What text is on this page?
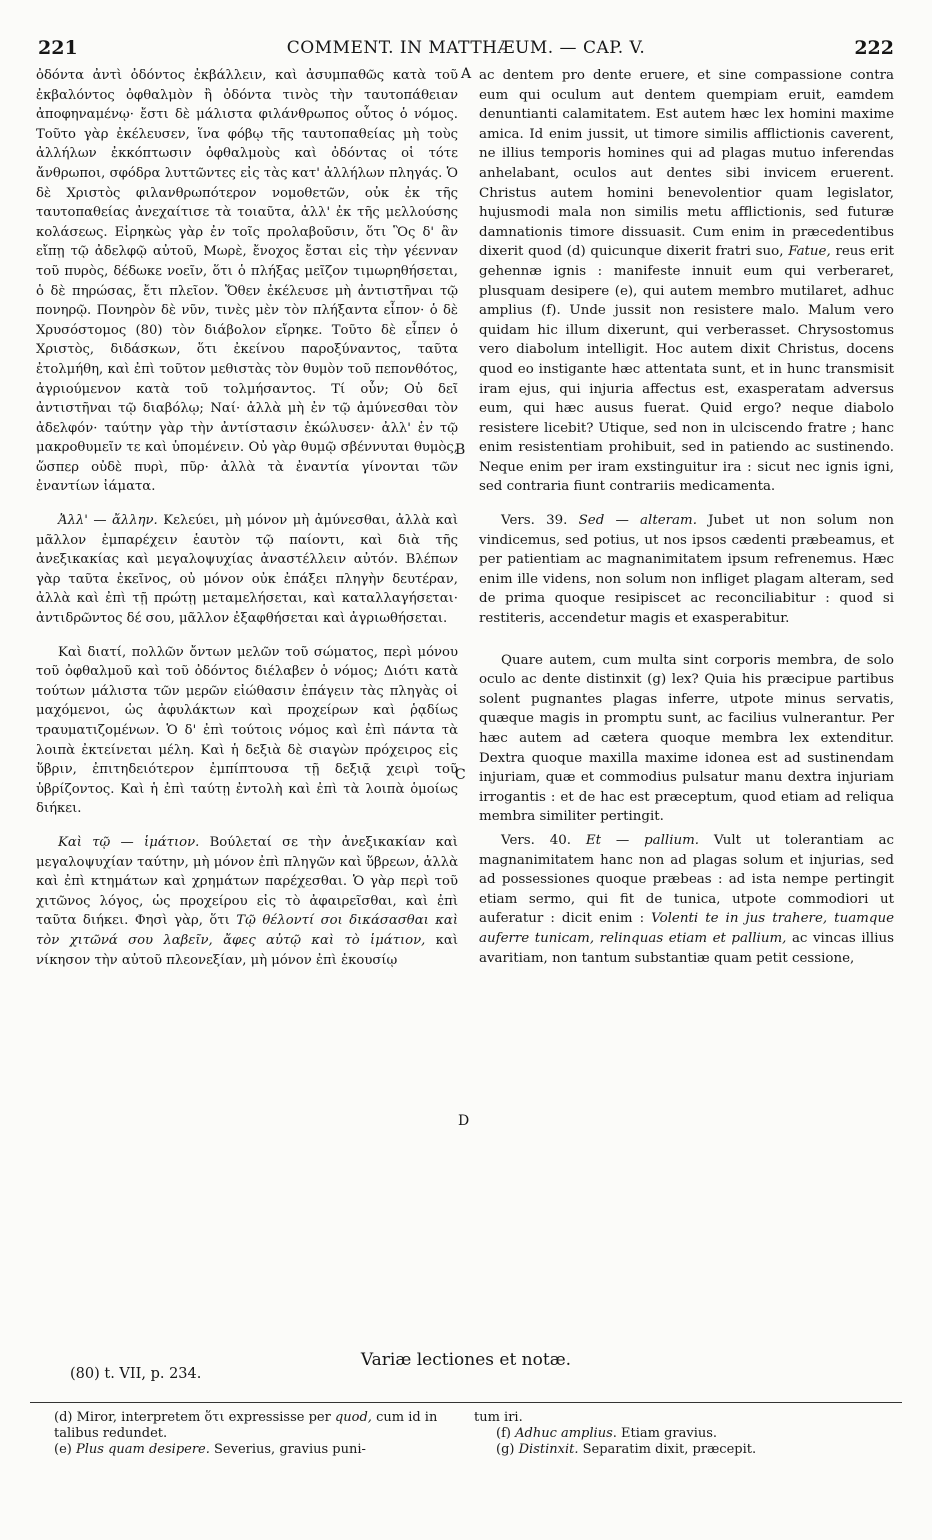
221	COMMENT. IN MATTHÆUM. — CAP. V.	222

ὀδόντα ἀντὶ ὀδόντος ἐκβάλλειν, καὶ ἀσυμπαθῶς κατὰ τοῦ ἐκβαλόντος ὀφθαλμὸν ἢ ὀδόντα τινὸς τὴν ταυτοπάθειαν ἀποφηναμένῳ· ἔστι δὲ μάλιστα φιλάνθρωπος οὗτος ὁ νόμος. Τοῦτο γὰρ ἐκέλευσεν, ἵνα φόβῳ τῆς ταυτοπαθείας μὴ τοὺς ἀλλήλων ἐκκόπτωσιν ὀφθαλμοὺς καὶ ὀδόντας οἱ τότε ἄνθρωποι, σφόδρα λυττῶντες εἰς τὰς κατ' ἀλλήλων πληγάς. Ὁ δὲ Χριστὸς φιλανθρωπότερον νομοθετῶν, οὐκ ἐκ τῆς ταυτοπαθείας ἀνεχαίτισε τὰ τοιαῦτα, ἀλλ' ἐκ τῆς μελλούσης κολάσεως. Εἰρηκὼς γὰρ ἐν τοῖς προλαβοῦσιν, ὅτι Ὃς δ' ἂν εἴπῃ τῷ ἀδελφῷ αὐτοῦ, Μωρὲ, ἔνοχος ἔσται εἰς τὴν γέενναν τοῦ πυρὸς, δέδωκε νοεῖν, ὅτι ὁ πλήξας μεῖζον τιμωρηθήσεται, ὁ δὲ πηρώσας, ἔτι πλεῖον. Ὅθεν ἐκέλευσε μὴ ἀντιστῆναι τῷ πονηρῷ. Πονηρὸν δὲ νῦν, τινὲς μὲν τὸν πλήξαντα εἶπον· ὁ δὲ Χρυσόστομος (80) τὸν διάβολον εἴρηκε. Τοῦτο δὲ εἶπεν ὁ Χριστὸς, διδάσκων, ὅτι ἐκείνου παροξύναντος, ταῦτα ἐτολμήθη, καὶ ἐπὶ τοῦτον μεθιστὰς τὸν θυμὸν τοῦ πεπονθότος, ἀγριούμενον κατὰ τοῦ τολμήσαντος. Τί οὖν; Οὐ δεῖ ἀντιστῆναι τῷ διαβόλῳ; Ναί· ἀλλὰ μὴ ἐν τῷ ἀμύνεσθαι τὸν ἀδελφόν· ταύτην γὰρ τὴν ἀντίστασιν ἐκώλυσεν· ἀλλ' ἐν τῷ μακροθυμεῖν τε καὶ ὑπομένειν. Οὐ γὰρ θυμῷ σβέννυται θυμὸς, ὥσπερ οὐδὲ πυρὶ, πῦρ· ἀλλὰ τὰ ἐναντία γίνονται τῶν ἐναντίων ἰάματα.

Ἀλλ' — ἄλλην. Κελεύει, μὴ μόνον μὴ ἀμύνεσθαι, ἀλλὰ καὶ μᾶλλον ἐμπαρέχειν ἑαυτὸν τῷ παίοντι, καὶ διὰ τῆς ἀνεξικακίας καὶ μεγαλοψυχίας ἀναστέλλειν αὐτόν. Βλέπων γὰρ ταῦτα ἐκεῖνος, οὐ μόνον οὐκ ἐπάξει πληγὴν δευτέραν, ἀλλὰ καὶ ἐπὶ τῇ πρώτῃ μεταμελήσεται, καὶ καταλλαγήσεται· ἀντιδρῶντος δέ σου, μᾶλλον ἐξαφθήσεται καὶ ἀγριωθήσεται.

Καὶ διατί, πολλῶν ὄντων μελῶν τοῦ σώματος, περὶ μόνου τοῦ ὀφθαλμοῦ καὶ τοῦ ὀδόντος διέλαβεν ὁ νόμος; Διότι κατὰ τούτων μάλιστα τῶν μερῶν εἰώθασιν ἐπάγειν τὰς πληγὰς οἱ μαχόμενοι, ὡς ἀφυλάκτων καὶ προχείρων καὶ ῥᾳδίως τραυματιζομένων. Ὁ δ' ἐπὶ τούτοις νόμος καὶ ἐπὶ πάντα τὰ λοιπὰ ἐκτείνεται μέλη. Καὶ ἡ δεξιὰ δὲ σιαγὼν πρόχειρος εἰς ὕβριν, ἐπιτηδειότερον ἐμπίπτουσα τῇ δεξιᾷ χειρὶ τοῦ ὑβρίζοντος. Καὶ ἡ ἐπὶ ταύτῃ ἐντολὴ καὶ ἐπὶ τὰ λοιπὰ ὁμοίως διήκει.

Καὶ τῷ — ἱμάτιον. Βούλεταί σε τὴν ἀνεξικακίαν καὶ μεγαλοψυχίαν ταύτην, μὴ μόνον ἐπὶ πληγῶν καὶ ὕβρεων, ἀλλὰ καὶ ἐπὶ κτημάτων καὶ χρημάτων παρέχεσθαι. Ὁ γὰρ περὶ τοῦ χιτῶνος λόγος, ὡς προχείρου εἰς τὸ ἀφαιρεῖσθαι, καὶ ἐπὶ ταῦτα διήκει. Φησὶ γὰρ, ὅτι Τῷ θέλοντί σοι δικάσασθαι καὶ τὸν χιτῶνά σου λαβεῖν, ἄφες αὐτῷ καὶ τὸ ἱμάτιον, καὶ νίκησον τὴν αὐτοῦ πλεονεξίαν, μὴ μόνον ἐπὶ ἑκουσίῳ

A
B
C
D

ac dentem pro dente eruere, et sine compassione contra eum qui oculum aut dentem quempiam eruit, eamdem denuntianti calamitatem. Est autem hæc lex homini maxime amica. Id enim jussit, ut timore similis afflictionis caverent, ne illius temporis homines qui ad plagas mutuo inferendas anhelabant, oculos aut dentes sibi invicem eruerent. Christus autem homini benevolentior quam legislator, hujusmodi mala non similis metu afflictionis, sed futuræ damnationis timore dissuasit. Cum enim in præcedentibus dixerit quod (d) quicunque dixerit fratri suo, Fatue, reus erit gehennæ ignis : manifeste innuit eum qui verberaret, plusquam desipere (e), qui autem membro mutilaret, adhuc amplius (f). Unde jussit non resistere malo. Malum vero quidam hic illum dixerunt, qui verberasset. Chrysostomus vero diabolum intelligit. Hoc autem dixit Christus, docens quod eo instigante hæc attentata sunt, et in hunc transmisit iram ejus, qui injuria affectus est, exasperatam adversus eum, qui hæc ausus fuerat. Quid ergo? neque diabolo resistere licebit? Utique, sed non in ulciscendo fratre ; hanc enim resistentiam prohibuit, sed in patiendo ac sustinendo. Neque enim per iram exstinguitur ira : sicut nec ignis igni, sed contraria fiunt contrariis medicamenta.

Vers. 39. Sed — alteram. Jubet ut non solum non vindicemus, sed potius, ut nos ipsos cædenti præbeamus, et per patientiam ac magnanimitatem ipsum refrenemus. Hæc enim ille videns, non solum non infliget plagam alteram, sed de prima quoque resipiscet ac reconciliabitur : quod si restiteris, accendetur magis et exasperabitur.

Quare autem, cum multa sint corporis membra, de solo oculo ac dente distinxit (g) lex? Quia his præcipue partibus solent pugnantes plagas inferre, utpote minus servatis, quæque magis in promptu sunt, ac facilius vulnerantur. Per hæc autem ad cætera quoque membra lex extenditur. Dextra quoque maxilla maxime idonea est ad sustinendam injuriam, quæ et commodius pulsatur manu dextra injuriam irrogantis : et de hac est præceptum, quod etiam ad reliqua membra similiter pertingit.

Vers. 40. Et — pallium. Vult ut tolerantiam ac magnanimitatem hanc non ad plagas solum et injurias, sed ad possessiones quoque præbeas : ad ista nempe pertingit etiam sermo, qui fit de tunica, utpote commodiori ut auferatur : dicit enim : Volenti te in jus trahere, tuamque auferre tunicam, relinquas etiam et pallium, ac vincas illius avaritiam, non tantum substantiæ quam petit cessione,

Variæ lectiones et notæ.
(80) t. VII, p. 234.
(d) Miror, interpretem ὅτι expressisse per quod, cum id in talibus redundet.
(e) Plus quam desipere. Severius, gravius puni-
tum iri.
(f) Adhuc amplius. Etiam gravius.
(g) Distinxit. Separatim dixit, præcepit.
